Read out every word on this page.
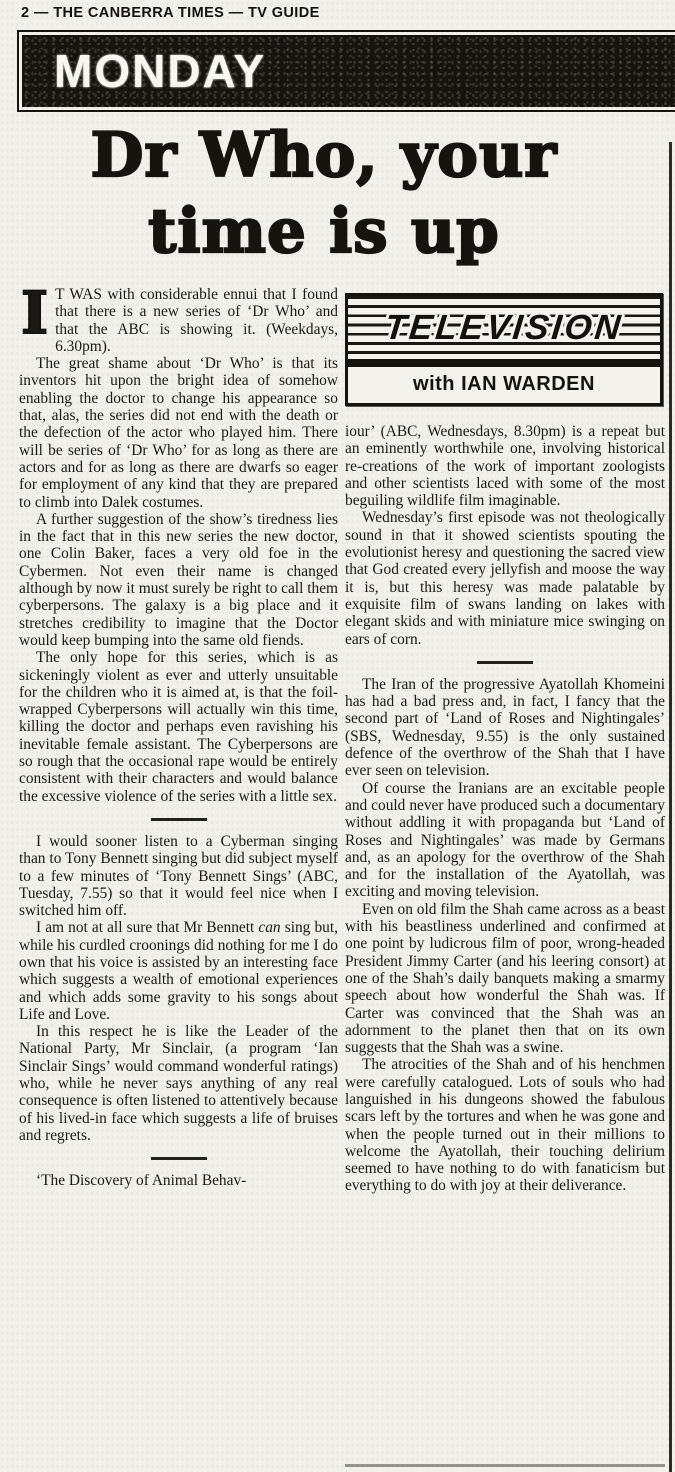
2 — THE CANBERRA TIMES — TV GUIDE
MONDAY
Dr Who, your
time is up

I T WAS with considerable ennui that I found that there is a new series of ‘Dr Who’ and that the ABC is showing it. (Weekdays, 6.30pm).

The great shame about ‘Dr Who’ is that its inventors hit upon the bright idea of somehow enabling the doctor to change his appearance so that, alas, the series did not end with the death or the defection of the actor who played him. There will be series of ‘Dr Who’ for as long as there are actors and for as long as there are dwarfs so eager for employment of any kind that they are prepared to climb into Dalek costumes.

A further suggestion of the show’s tiredness lies in the fact that in this new series the new doctor, one Colin Baker, faces a very old foe in the Cybermen. Not even their name is changed although by now it must surely be right to call them cyberpersons. The galaxy is a big place and it stretches credibility to imagine that the Doctor would keep bumping into the same old fiends.

The only hope for this series, which is as sickeningly violent as ever and utterly unsuitable for the children who it is aimed at, is that the foil-wrapped Cyberpersons will actually win this time, killing the doctor and perhaps even ravishing his inevitable female assistant. The Cyberpersons are so rough that the occasional rape would be entirely consistent with their characters and would balance the excessive violence of the series with a little sex.

I would sooner listen to a Cyberman singing than to Tony Bennett singing but did subject myself to a few minutes of ‘Tony Bennett Sings’ (ABC, Tuesday, 7.55) so that it would feel nice when I switched him off.

I am not at all sure that Mr Bennett can sing but, while his curdled croonings did nothing for me I do own that his voice is assisted by an interesting face which suggests a wealth of emotional experiences and which adds some gravity to his songs about Life and Love.

In this respect he is like the Leader of the National Party, Mr Sinclair, (a program ‘Ian Sinclair Sings’ would command wonderful ratings) who, while he never says anything of any real consequence is often listened to attentively because of his lived-in face which suggests a life of bruises and regrets.

‘The Discovery of Animal Behav-

TELEVISION
with IAN WARDEN

iour’ (ABC, Wednesdays, 8.30pm) is a repeat but an eminently worthwhile one, involving historical re-creations of the work of important zoologists and other scientists laced with some of the most beguiling wildlife film imaginable.

Wednesday’s first episode was not theologically sound in that it showed scientists spouting the evolutionist heresy and questioning the sacred view that God created every jellyfish and moose the way it is, but this heresy was made palatable by exquisite film of swans landing on lakes with elegant skids and with miniature mice swinging on ears of corn.

The Iran of the progressive Ayatollah Khomeini has had a bad press and, in fact, I fancy that the second part of ‘Land of Roses and Nightingales’ (SBS, Wednesday, 9.55) is the only sustained defence of the overthrow of the Shah that I have ever seen on television.

Of course the Iranians are an excitable people and could never have produced such a documentary without addling it with propaganda but ‘Land of Roses and Nightingales’ was made by Germans and, as an apology for the overthrow of the Shah and for the installation of the Ayatollah, was exciting and moving television.

Even on old film the Shah came across as a beast with his beastliness underlined and confirmed at one point by ludicrous film of poor, wrong-headed President Jimmy Carter (and his leering consort) at one of the Shah’s daily banquets making a smarmy speech about how wonderful the Shah was. If Carter was convinced that the Shah was an adornment to the planet then that on its own suggests that the Shah was a swine.

The atrocities of the Shah and of his henchmen were carefully catalogued. Lots of souls who had languished in his dungeons showed the fabulous scars left by the tortures and when he was gone and when the people turned out in their millions to welcome the Ayatollah, their touching delirium seemed to have nothing to do with fanaticism but everything to do with joy at their deliverance.
